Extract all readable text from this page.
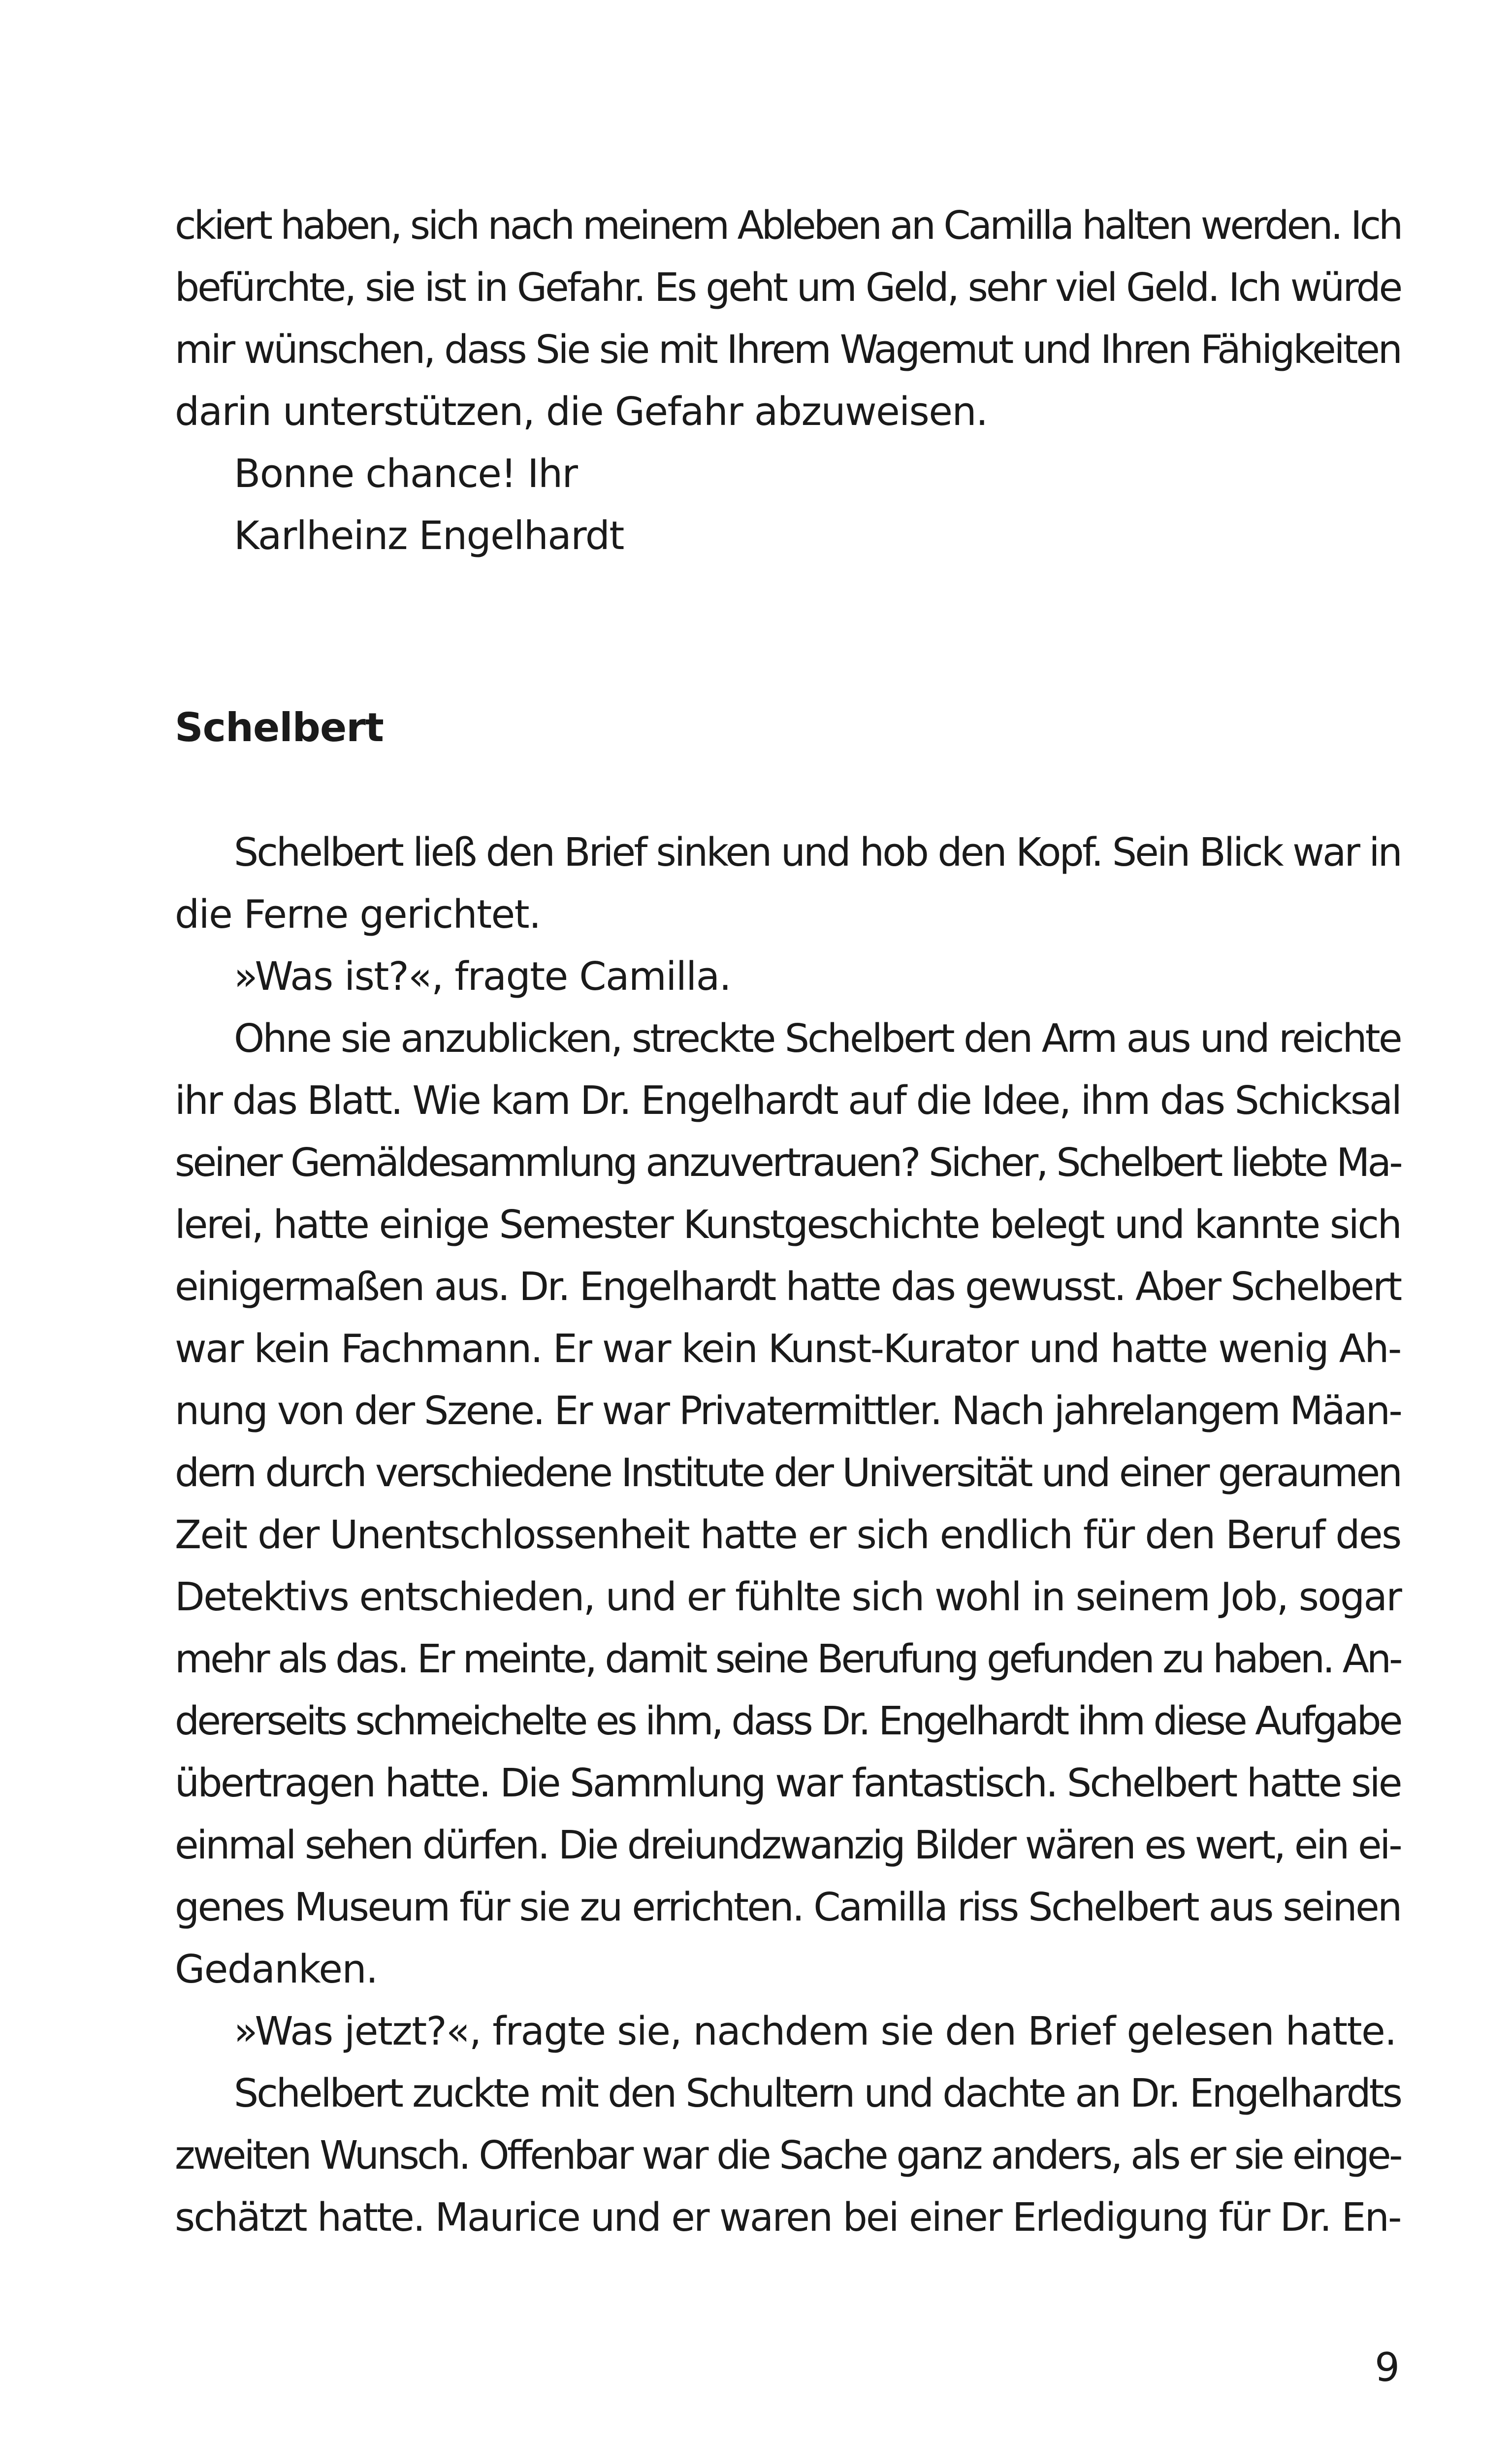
ckiert haben, sich nach meinem Ableben an Camilla halten werden. Ich
befürchte, sie ist in Gefahr. Es geht um Geld, sehr viel Geld. Ich würde
mir wünschen, dass Sie sie mit Ihrem Wagemut und Ihren Fähigkeiten
darin unterstützen, die Gefahr abzuweisen.
Bonne chance! Ihr
Karlheinz Engelhardt
Schelbert
Schelbert ließ den Brief sinken und hob den Kopf. Sein Blick war in
die Ferne gerichtet.
»Was ist?«, fragte Camilla.
Ohne sie anzublicken, streckte Schelbert den Arm aus und reichte
ihr das Blatt. Wie kam Dr. Engelhardt auf die Idee, ihm das Schicksal
seiner Gemäldesammlung anzuvertrauen? Sicher, Schelbert liebte Ma-
lerei, hatte einige Semester Kunstgeschichte belegt und kannte sich
einigermaßen aus. Dr. Engelhardt hatte das gewusst. Aber Schelbert
war kein Fachmann. Er war kein Kunst-Kurator und hatte wenig Ah-
nung von der Szene. Er war Privatermittler. Nach jahrelangem Mäan-
dern durch verschiedene Institute der Universität und einer geraumen
Zeit der Unentschlossenheit hatte er sich endlich für den Beruf des
Detektivs entschieden, und er fühlte sich wohl in seinem Job, sogar
mehr als das. Er meinte, damit seine Berufung gefunden zu haben. An-
dererseits schmeichelte es ihm, dass Dr. Engelhardt ihm diese Aufgabe
übertragen hatte. Die Sammlung war fantastisch. Schelbert hatte sie
einmal sehen dürfen. Die dreiundzwanzig Bilder wären es wert, ein ei-
genes Museum für sie zu errichten. Camilla riss Schelbert aus seinen
Gedanken.
»Was jetzt?«, fragte sie, nachdem sie den Brief gelesen hatte.
Schelbert zuckte mit den Schultern und dachte an Dr. Engelhardts
zweiten Wunsch. Offenbar war die Sache ganz anders, als er sie einge-
schätzt hatte. Maurice und er waren bei einer Erledigung für Dr. En-
9
